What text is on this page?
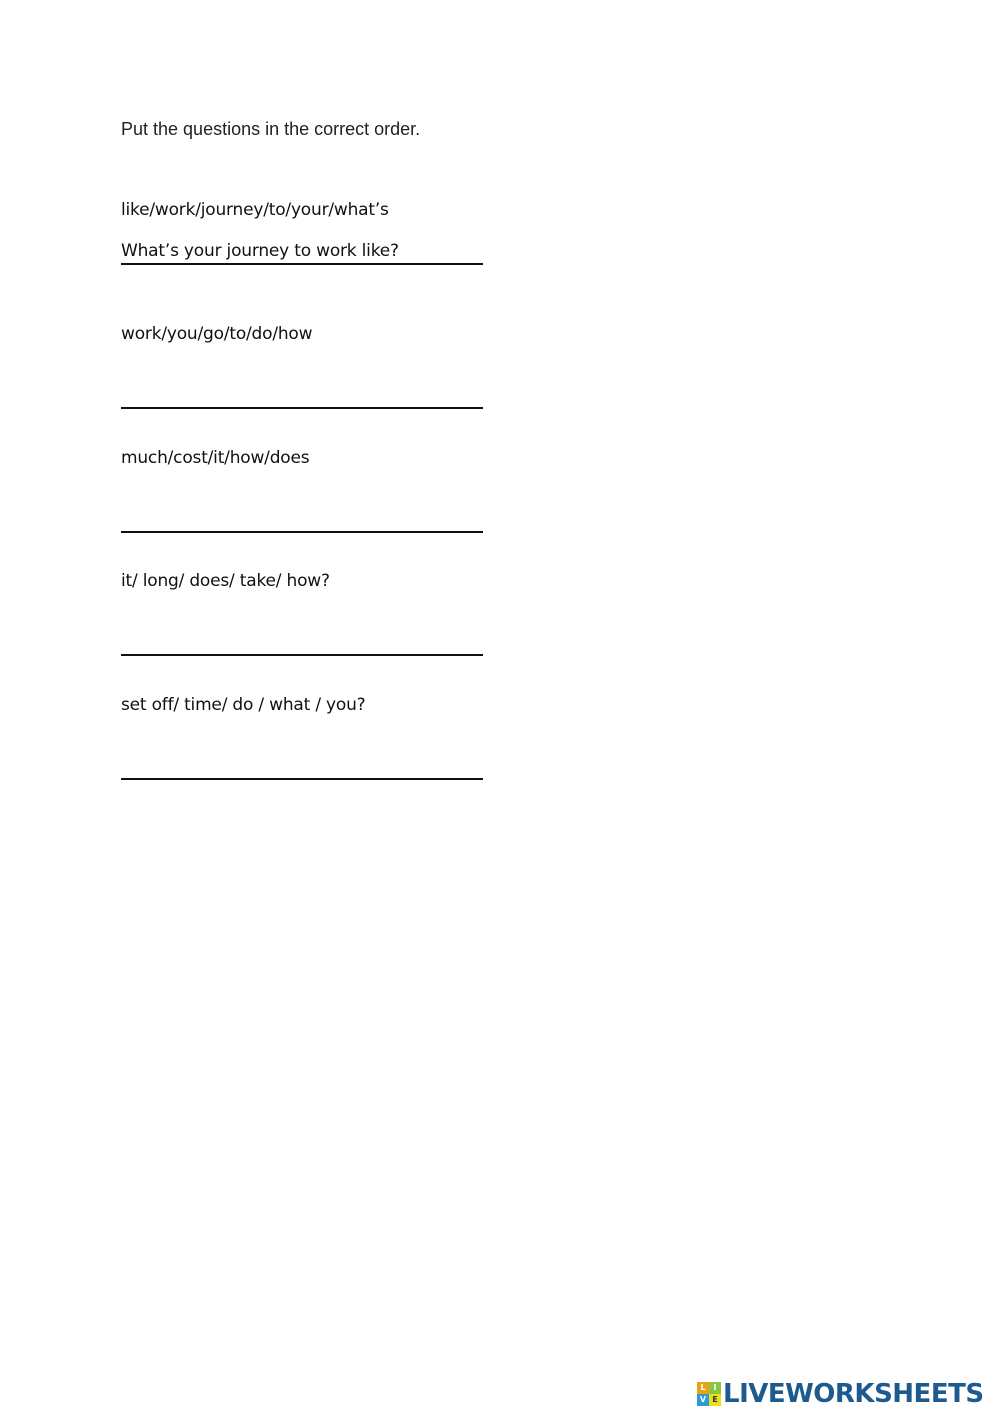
Put the questions in the correct order.
like/work/journey/to/your/what’s
What’s your journey to work like?
work/you/go/to/do/how
much/cost/it/how/does
it/ long/ does/ take/ how?
set off/ time/ do / what / you?
L I
V E LIVEWORKSHEETS
